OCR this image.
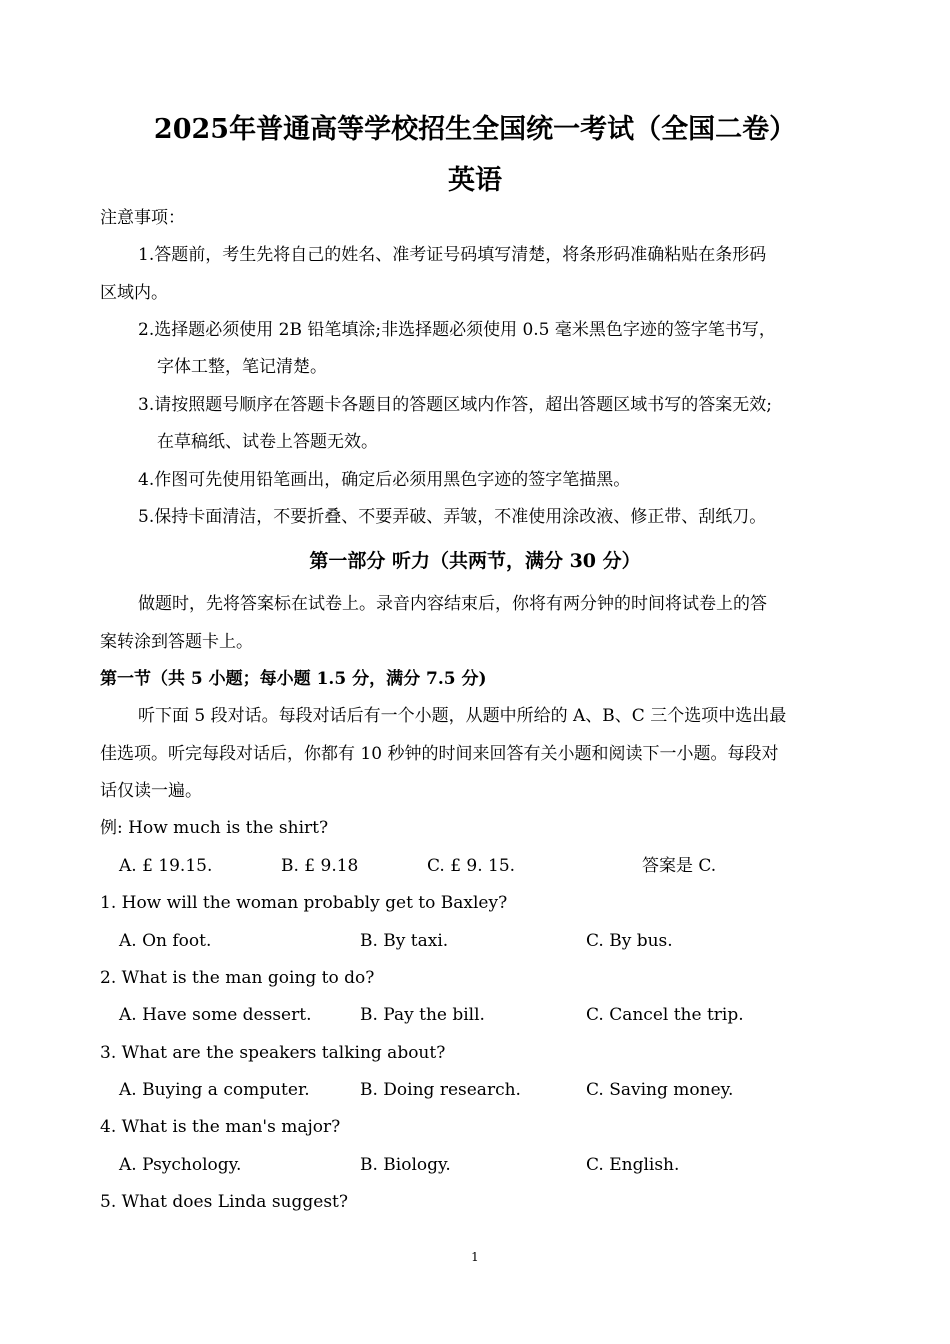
2025年普通高等学校招生全国统一考试（全国二卷）
英语
注意事项：
1.答题前，考生先将自己的姓名、准考证号码填写清楚，将条形码准确粘贴在条形码
区域内。
2.选择题必须使用 2B 铅笔填涂;非选择题必须使用 0.5 毫米黑色字迹的签字笔书写，
字体工整，笔记清楚。
3.请按照题号顺序在答题卡各题目的答题区域内作答，超出答题区域书写的答案无效;
在草稿纸、试卷上答题无效。
4.作图可先使用铅笔画出，确定后必须用黑色字迹的签字笔描黑。
5.保持卡面清洁，不要折叠、不要弄破、弄皱，不准使用涂改液、修正带、刮纸刀。
第一部分 听力（共两节，满分 30 分）
做题时，先将答案标在试卷上。录音内容结束后，你将有两分钟的时间将试卷上的答
案转涂到答题卡上。
第一节（共 5 小题；每小题 1.5 分，满分 7.5 分)
听下面 5 段对话。每段对话后有一个小题，从题中所给的 A、B、C 三个选项中选出最
佳选项。听完每段对话后，你都有 10 秒钟的时间来回答有关小题和阅读下一小题。每段对
话仅读一遍。
例: How much is the shirt?
A. £ 19.15.	B. £ 9.18	C. £ 9. 15.	答案是 C.
1. How will the woman probably get to Baxley?
A. On foot.	B. By taxi.	C. By bus.
2. What is the man going to do?
A. Have some dessert.	B. Pay the bill.	C. Cancel the trip.
3. What are the speakers talking about?
A. Buying a computer.	B. Doing research.	C. Saving money.
4. What is the man's major?
A. Psychology.	B. Biology.	C. English.
5. What does Linda suggest?
1
